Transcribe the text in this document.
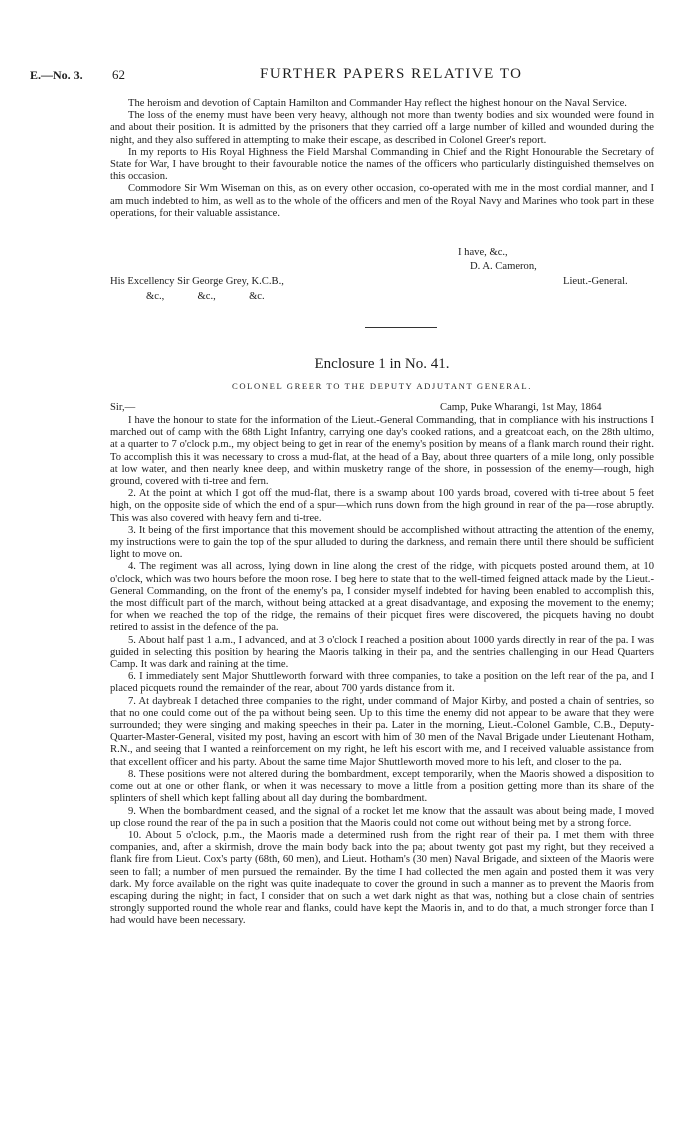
E.—No. 3. 62	FURTHER PAPERS RELATIVE TO

The heroism and devotion of Captain Hamilton and Commander Hay reflect the highest honour on the Naval Service.

The loss of the enemy must have been very heavy, although not more than twenty bodies and six wounded were found in and about their position. It is admitted by the prisoners that they carried off a large number of killed and wounded during the night, and they also suffered in attempting to make their escape, as described in Colonel Greer's report.

In my reports to His Royal Highness the Field Marshal Commanding in Chief and the Right Honourable the Secretary of State for War, I have brought to their favourable notice the names of the officers who particularly distinguished themselves on this occasion.

Commodore Sir Wm Wiseman on this, as on every other occasion, co-operated with me in the most cordial manner, and I am much indebted to him, as well as to the whole of the officers and men of the Royal Navy and Marines who took part in these operations, for their valuable assistance.

I have, &c.,
D. A. Cameron,
Lieut.-General.
His Excellency Sir George Grey, K.C.B.,
&c.,  &c.,  &c.
Enclosure 1 in No. 41.
COLONEL GREER TO THE DEPUTY ADJUTANT GENERAL.
Sir,—	Camp, Puke Wharangi, 1st May, 1864

I have the honour to state for the information of the Lieut.-General Commanding, that in compliance with his instructions I marched out of camp with the 68th Light Infantry, carrying one day's cooked rations, and a greatcoat each, on the 28th ultimo, at a quarter to 7 o'clock p.m., my object being to get in rear of the enemy's position by means of a flank march round their right. To accomplish this it was necessary to cross a mud-flat, at the head of a Bay, about three quarters of a mile long, only possible at low water, and then nearly knee deep, and within musketry range of the shore, in possession of the enemy—rough, high ground, covered with ti-tree and fern.

2. At the point at which I got off the mud-flat, there is a swamp about 100 yards broad, covered with ti-tree about 5 feet high, on the opposite side of which the end of a spur—which runs down from the high ground in rear of the pa—rose abruptly. This was also covered with heavy fern and ti-tree.

3. It being of the first importance that this movement should be accomplished without attracting the attention of the enemy, my instructions were to gain the top of the spur alluded to during the darkness, and remain there until there should be sufficient light to move on.

4. The regiment was all across, lying down in line along the crest of the ridge, with picquets posted around them, at 10 o'clock, which was two hours before the moon rose. I beg here to state that to the well-timed feigned attack made by the Lieut.-General Commanding, on the front of the enemy's pa, I consider myself indebted for having been enabled to accomplish this, the most difficult part of the march, without being attacked at a great disadvantage, and exposing the movement to the enemy; for when we reached the top of the ridge, the remains of their picquet fires were discovered, the picquets having no doubt retired to assist in the defence of the pa.

5. About half past 1 a.m., I advanced, and at 3 o'clock I reached a position about 1000 yards directly in rear of the pa. I was guided in selecting this position by hearing the Maoris talking in their pa, and the sentries challenging in our Head Quarters Camp. It was dark and raining at the time.

6. I immediately sent Major Shuttleworth forward with three companies, to take a position on the left rear of the pa, and I placed picquets round the remainder of the rear, about 700 yards distance from it.

7. At daybreak I detached three companies to the right, under command of Major Kirby, and posted a chain of sentries, so that no one could come out of the pa without being seen. Up to this time the enemy did not appear to be aware that they were surrounded; they were singing and making speeches in their pa. Later in the morning, Lieut.-Colonel Gamble, C.B., Deputy-Quarter-Master-General, visited my post, having an escort with him of 30 men of the Naval Brigade under Lieutenant Hotham, R.N., and seeing that I wanted a reinforcement on my right, he left his escort with me, and I received valuable assistance from that excellent officer and his party. About the same time Major Shuttleworth moved more to his left, and closer to the pa.

8. These positions were not altered during the bombardment, except temporarily, when the Maoris showed a disposition to come out at one or other flank, or when it was necessary to move a little from a position getting more than its share of the splinters of shell which kept falling about all day during the bombardment.

9. When the bombardment ceased, and the signal of a rocket let me know that the assault was about being made, I moved up close round the rear of the pa in such a position that the Maoris could not come out without being met by a strong force.

10. About 5 o'clock, p.m., the Maoris made a determined rush from the right rear of their pa. I met them with three companies, and, after a skirmish, drove the main body back into the pa; about twenty got past my right, but they received a flank fire from Lieut. Cox's party (68th, 60 men), and Lieut. Hotham's (30 men) Naval Brigade, and sixteen of the Maoris were seen to fall; a number of men pursued the remainder. By the time I had collected the men again and posted them it was very dark. My force available on the right was quite inadequate to cover the ground in such a manner as to prevent the Maoris from escaping during the night; in fact, I consider that on such a wet dark night as that was, nothing but a close chain of sentries strongly supported round the whole rear and flanks, could have kept the Maoris in, and to do that, a much stronger force than I had would have been necessary.
